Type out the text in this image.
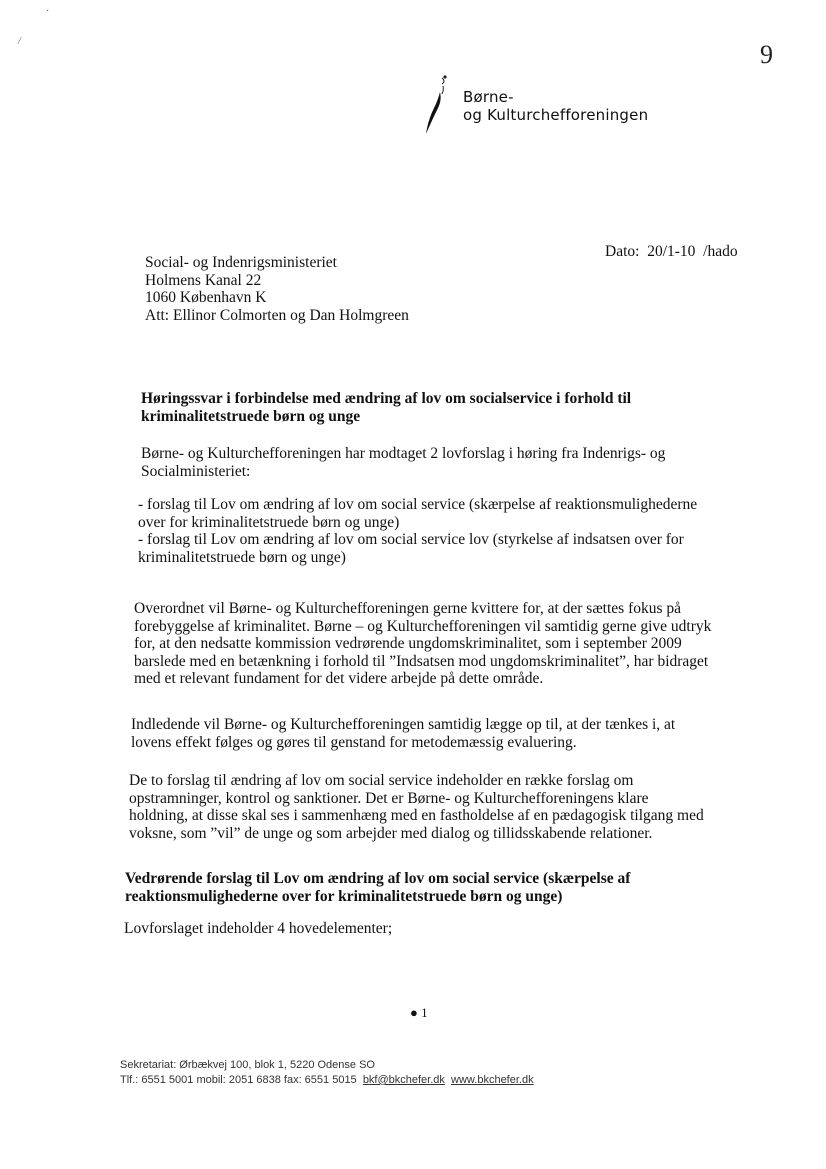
·
/	9
Børne-
og Kulturchefforeningen
Dato: 20/1-10 /hado
Social- og Indenrigsministeriet
Holmens Kanal 22
1060 København K
Att: Ellinor Colmorten og Dan Holmgreen
Høringssvar i forbindelse med ændring af lov om socialservice i forhold til
kriminalitetstruede børn og unge
Børne- og Kulturchefforeningen har modtaget 2 lovforslag i høring fra Indenrigs- og
Socialministeriet:
- forslag til Lov om ændring af lov om social service (skærpelse af reaktionsmulighederne
over for kriminalitetstruede børn og unge)
- forslag til Lov om ændring af lov om social service lov (styrkelse af indsatsen over for
kriminalitetstruede børn og unge)
Overordnet vil Børne- og Kulturchefforeningen gerne kvittere for, at der sættes fokus på
forebyggelse af kriminalitet. Børne – og Kulturchefforeningen vil samtidig gerne give udtryk
for, at den nedsatte kommission vedrørende ungdomskriminalitet, som i september 2009
barslede med en betænkning i forhold til ”Indsatsen mod ungdomskriminalitet”, har bidraget
med et relevant fundament for det videre arbejde på dette område.
Indledende vil Børne- og Kulturchefforeningen samtidig lægge op til, at der tænkes i, at
lovens effekt følges og gøres til genstand for metodemæssig evaluering.
De to forslag til ændring af lov om social service indeholder en række forslag om
opstramninger, kontrol og sanktioner. Det er Børne- og Kulturchefforeningens klare
holdning, at disse skal ses i sammenhæng med en fastholdelse af en pædagogisk tilgang med
voksne, som ”vil” de unge og som arbejder med dialog og tillidsskabende relationer.
Vedrørende forslag til Lov om ændring af lov om social service (skærpelse af
reaktionsmulighederne over for kriminalitetstruede børn og unge)
Lovforslaget indeholder 4 hovedelementer;
● 1
Sekretariat: Ørbækvej 100, blok 1, 5220 Odense SO
Tlf.: 6551 5001 mobil: 2051 6838 fax: 6551 5015 bkf@bkchefer.dk www.bkchefer.dk
